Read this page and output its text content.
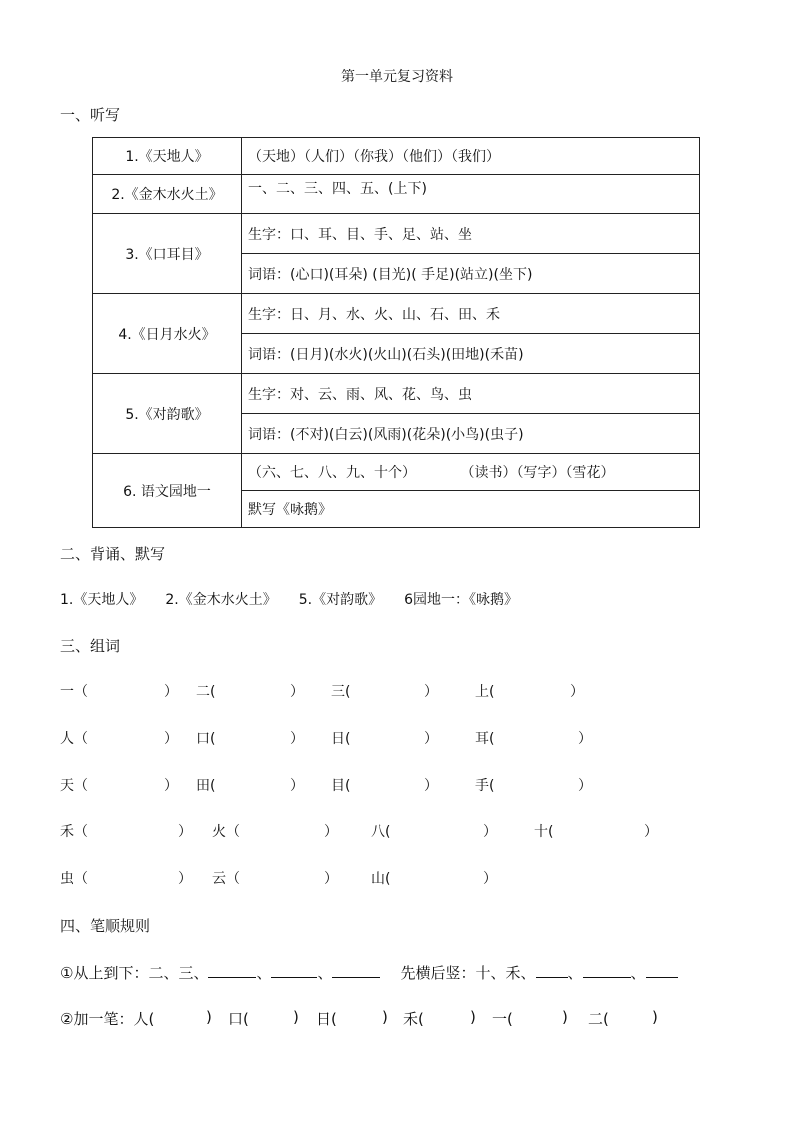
第一单元复习资料
一、听写
1.《天地人》	（天地）（人们）（你我）（他们）（我们）
2.《金木水火土》	一、二、三、四、五、(上下)
3.《口耳目》	生字：口、耳、目、手、足、站、坐
	词语：(心口)(耳朵) (目光)( 手足)(站立)(坐下)
4.《日月水火》	生字：日、月、水、火、山、石、田、禾
	词语：(日月)(水火)(火山)(石头)(田地)(禾苗)
5.《对韵歌》	生字：对、云、雨、风、花、鸟、虫
	词语：(不对)(白云)(风雨)(花朵)(小鸟)(虫子)
6. 语文园地一	（六、七、八、九、十个）          （读书）（写字）（雪花）
	默写《咏鹅》
二、背诵、默写
1.《天地人》 2.《金木水火土》 5.《对韵歌》 6园地一：《咏鹅》
三、组词
一（	） 二(	） 三(	）	上(	）
人（	） 口(	） 日(	）	耳(	）
天（	） 田(	） 目(	）	手(	）
禾（	） 火（	） 八(	）	十(	）
虫（	） 云（	） 山(	）
四、笔顺规则
①从上到下：二、三、	、	、	先横后竖：十、禾、 、	、
②加一笔：人(	) 口(	) 日(	) 禾(	) 一(	) 二(	)
